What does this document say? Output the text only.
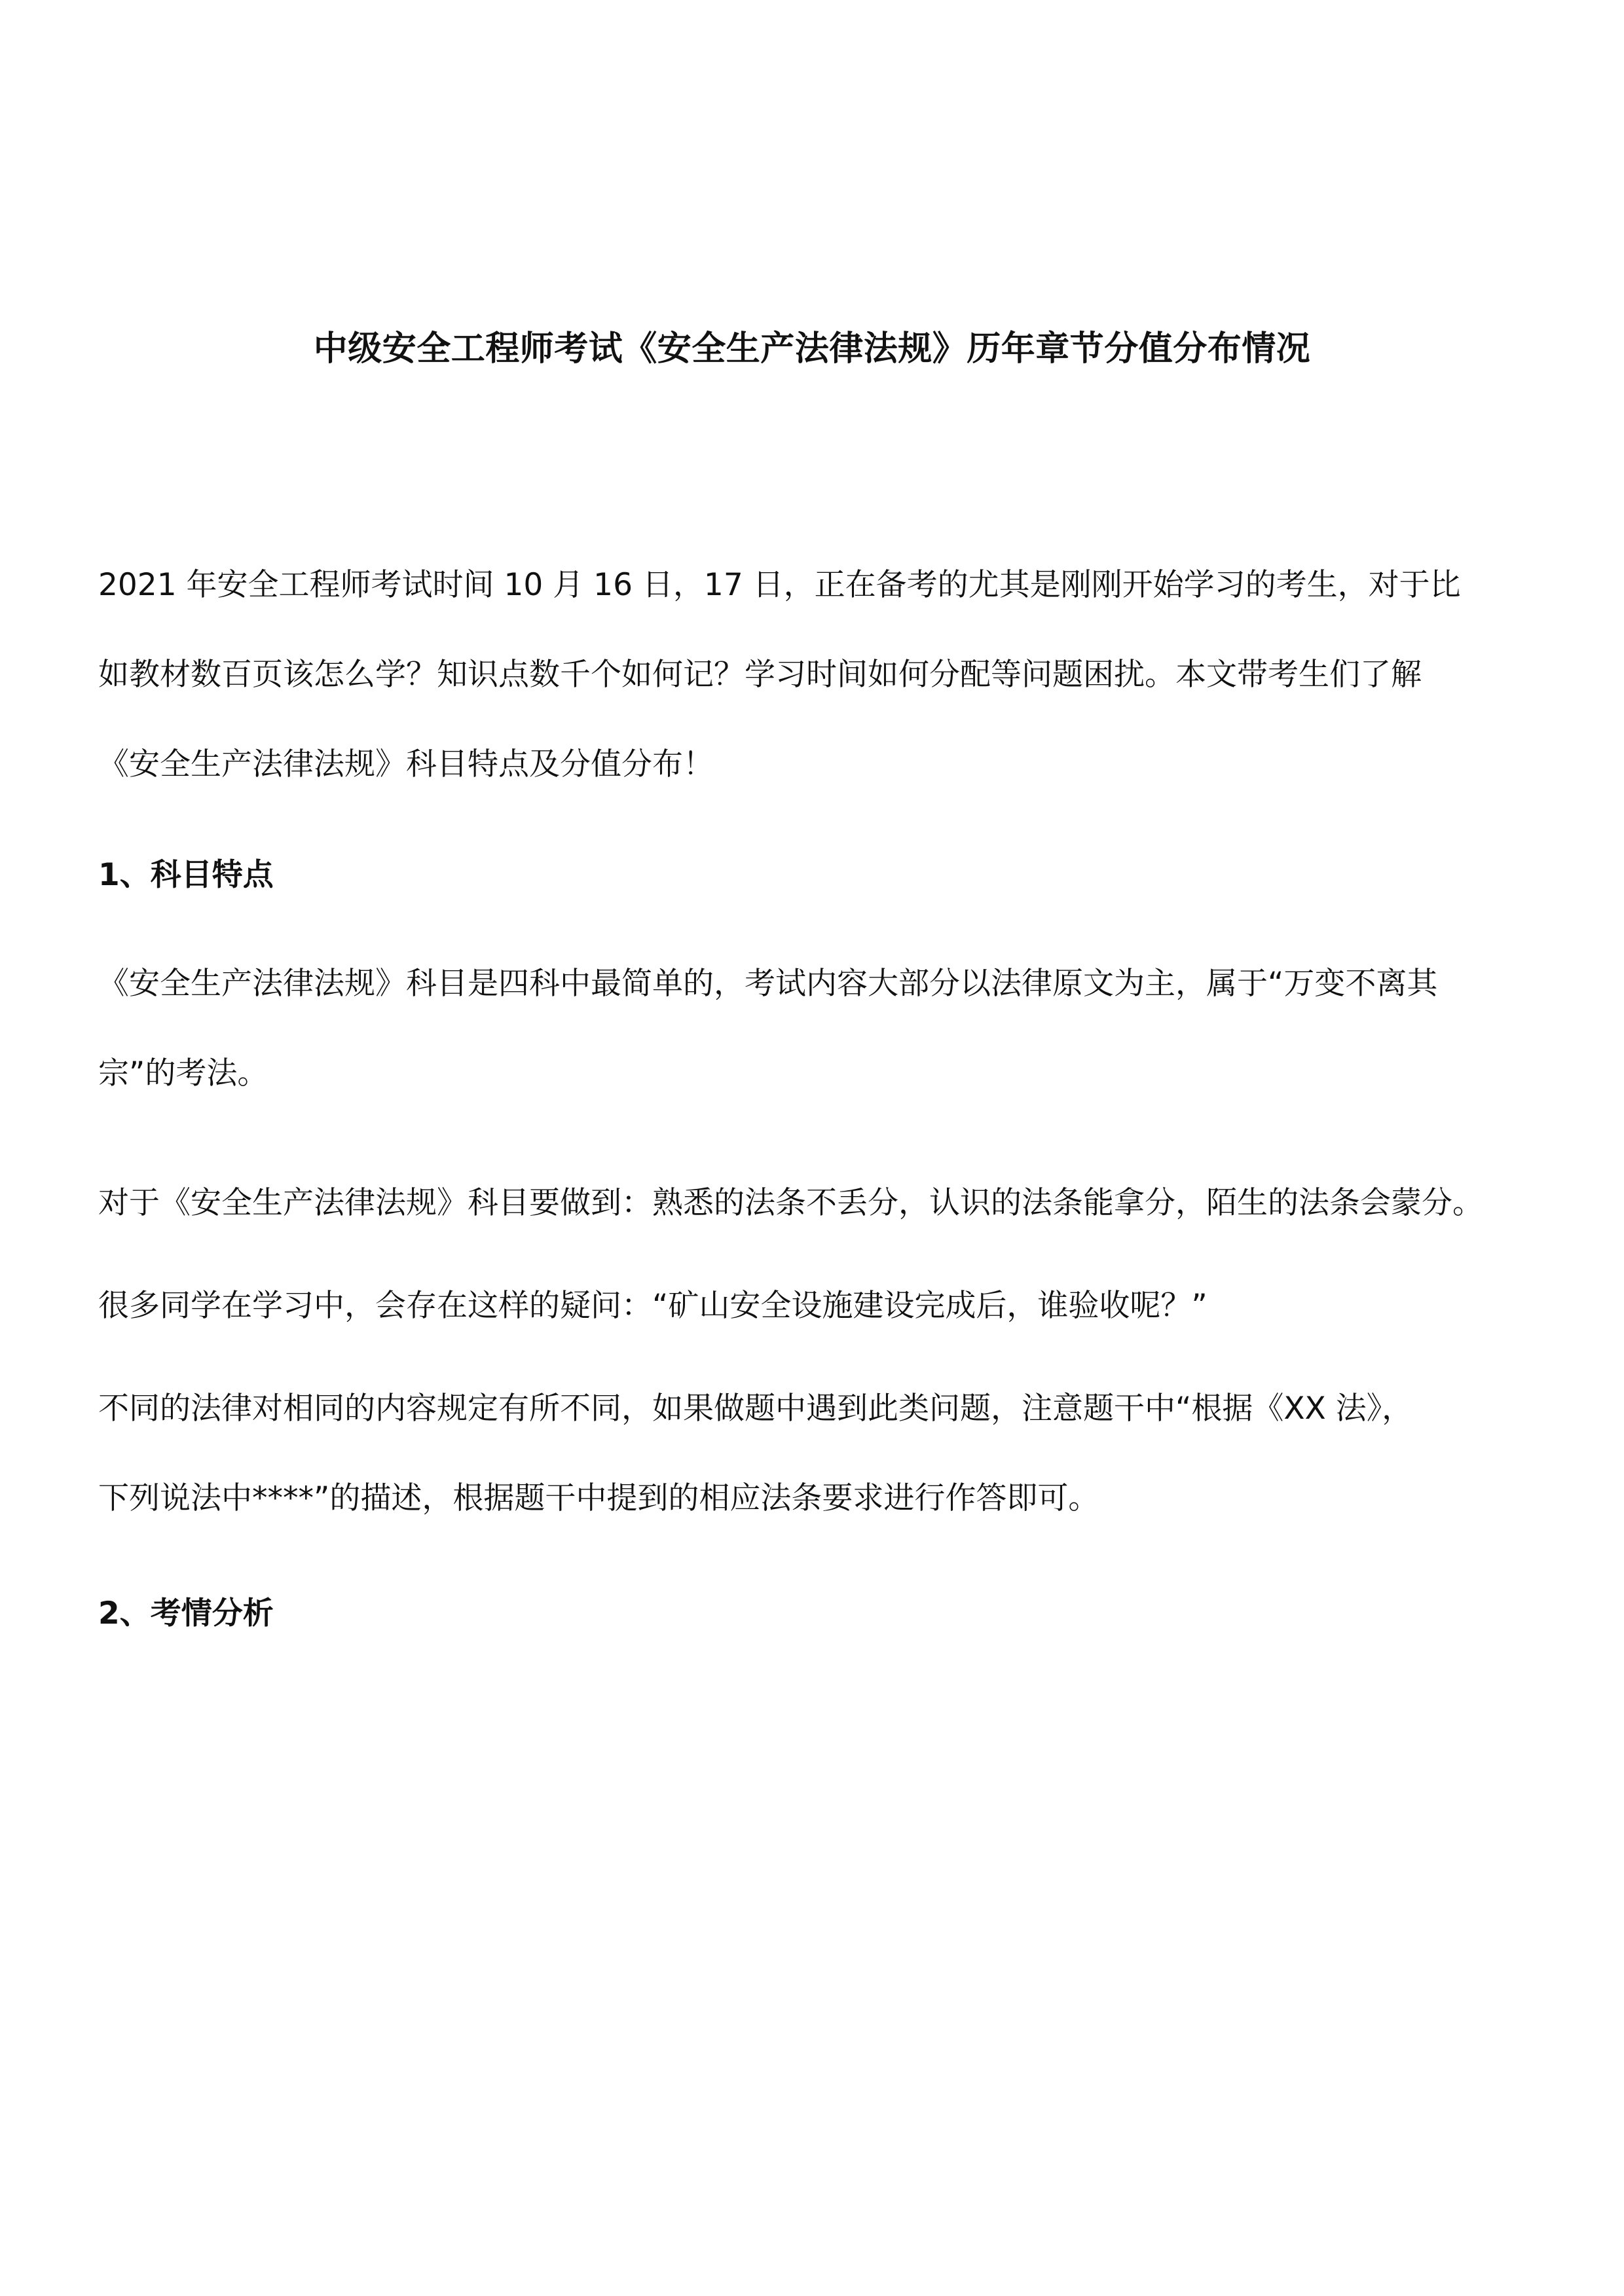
中级安全工程师考试《安全生产法律法规》历年章节分值分布情况

2021 年安全工程师考试时间 10 月 16 日，17 日，正在备考的尤其是刚刚开始学习的考生，对于比
如教材数百页该怎么学？知识点数千个如何记？学习时间如何分配等问题困扰。本文带考生们了解
《安全生产法律法规》科目特点及分值分布！

1、科目特点

《安全生产法律法规》科目是四科中最简单的，考试内容大部分以法律原文为主，属于“万变不离其
宗”的考法。

对于《安全生产法律法规》科目要做到：熟悉的法条不丢分，认识的法条能拿分，陌生的法条会蒙分。

很多同学在学习中，会存在这样的疑问：“矿山安全设施建设完成后，谁验收呢？”

不同的法律对相同的内容规定有所不同，如果做题中遇到此类问题，注意题干中“根据《XX 法》，
下列说法中****”的描述，根据题干中提到的相应法条要求进行作答即可。

2、考情分析
